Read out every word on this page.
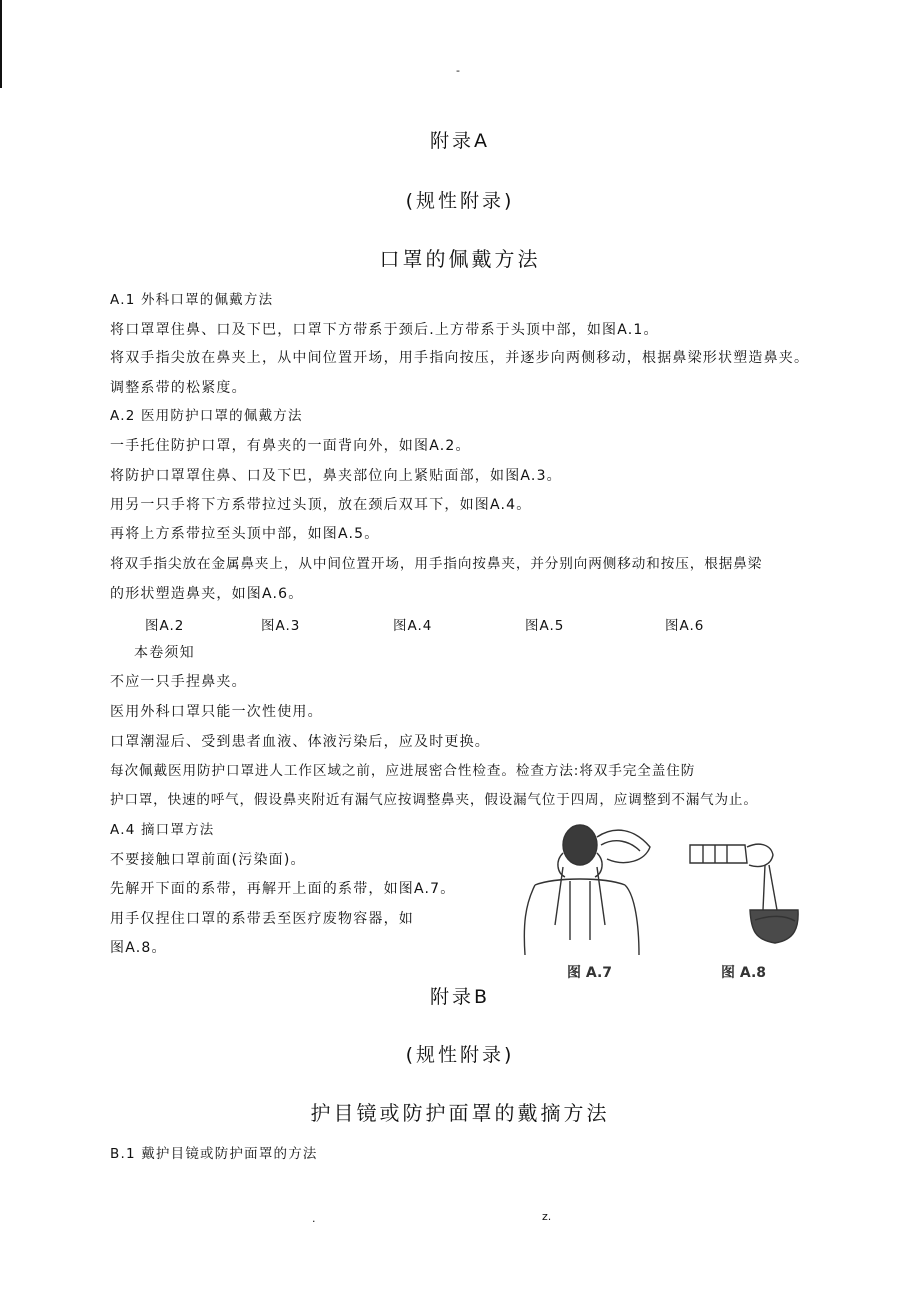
-
附录A
(规性附录)
口罩的佩戴方法
A.1 外科口罩的佩戴方法
将口罩罩住鼻、口及下巴，口罩下方带系于颈后.上方带系于头顶中部，如图A.1。
将双手指尖放在鼻夹上，从中间位置开场，用手指向按压，并逐步向两侧移动，根据鼻梁形状塑造鼻夹。
调整系带的松紧度。
A.2 医用防护口罩的佩戴方法
一手托住防护口罩，有鼻夹的一面背向外，如图A.2。
将防护口罩罩住鼻、口及下巴，鼻夹部位向上紧贴面部，如图A.3。
用另一只手将下方系带拉过头顶，放在颈后双耳下，如图A.4。
再将上方系带拉至头顶中部，如图A.5。
将双手指尖放在金属鼻夹上，从中间位置开场，用手指向按鼻夹，并分别向两侧移动和按压，根据鼻梁
的形状塑造鼻夹，如图A.6。
图A.2	图A.3	图A.4	图A.5	图A.6
本卷须知
不应一只手捏鼻夹。
医用外科口罩只能一次性使用。
口罩潮湿后、受到患者血液、体液污染后，应及时更换。
每次佩戴医用防护口罩进人工作区域之前，应进展密合性检查。检查方法:将双手完全盖住防
护口罩，快速的呼气，假设鼻夹附近有漏气应按调整鼻夹，假设漏气位于四周，应调整到不漏气为止。
A.4 摘口罩方法
不要接触口罩前面(污染面)。
先解开下面的系带，再解开上面的系带，如图A.7。
用手仅捏住口罩的系带丢至医疗废物容器，如
图A.8。
图 A.7	图 A.8
附录B
(规性附录)
护目镜或防护面罩的戴摘方法
B.1 戴护目镜或防护面罩的方法
.	z.
